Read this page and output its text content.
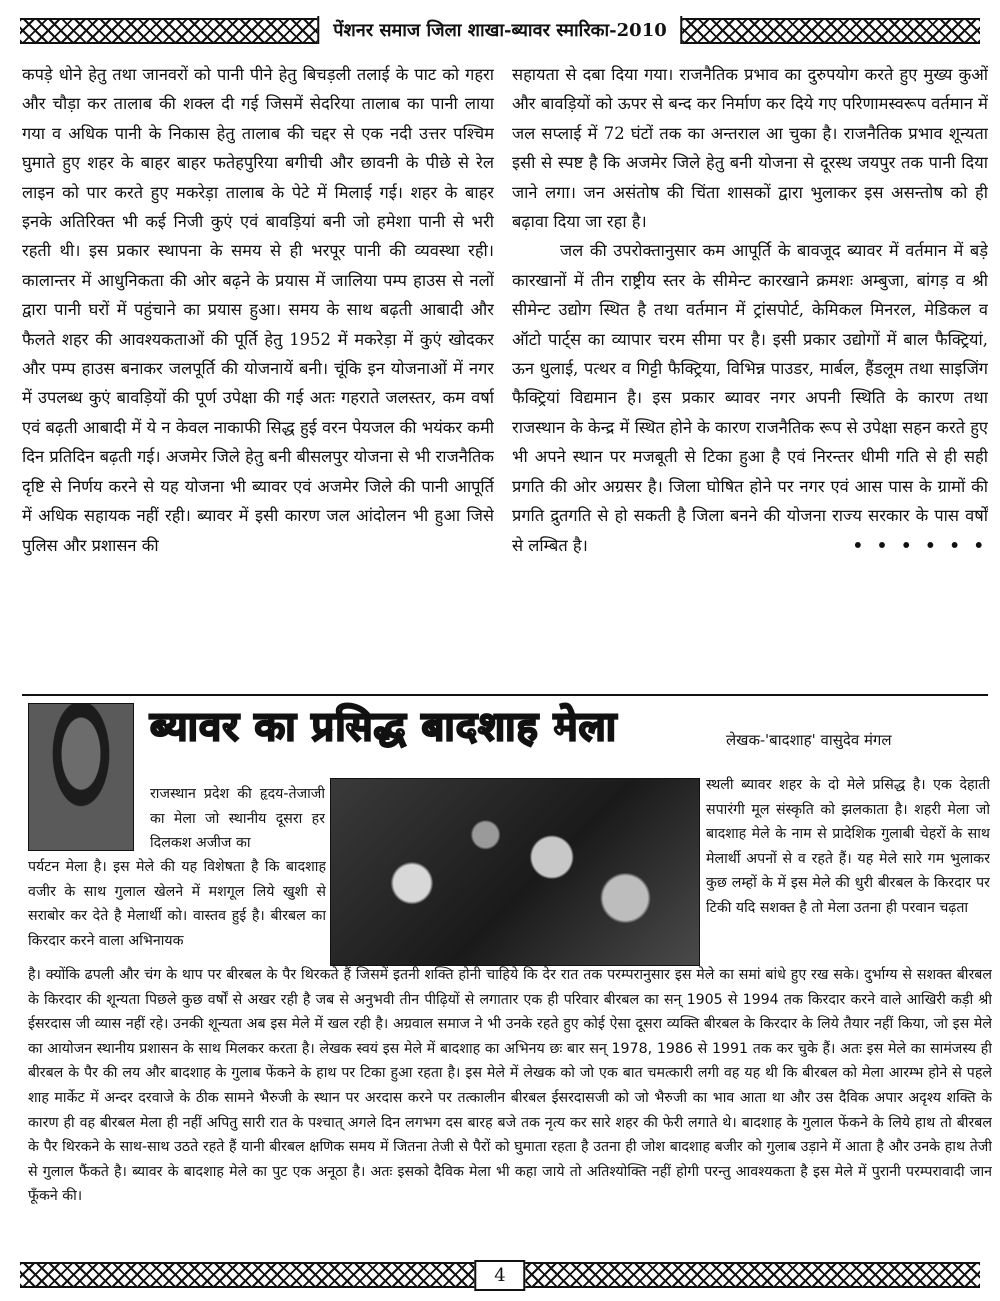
पेंशनर समाज जिला शाखा-ब्यावर स्मारिका-2010

कपड़े धोने हेतु तथा जानवरों को पानी पीने हेतु बिचड़ली तलाई के पाट को गहरा और चौड़ा कर तालाब की शक्ल दी गई जिसमें सेदरिया तालाब का पानी लाया गया व अधिक पानी के निकास हेतु तालाब की चद्दर से एक नदी उत्तर पश्चिम घुमाते हुए शहर के बाहर बाहर फतेहपुरिया बगीची और छावनी के पीछे से रेल लाइन को पार करते हुए मकरेड़ा तालाब के पेटे में मिलाई गई। शहर के बाहर इनके अतिरिक्त भी कई निजी कुएं एवं बावड़ियां बनी जो हमेशा पानी से भरी रहती थी। इस प्रकार स्थापना के समय से ही भरपूर पानी की व्यवस्था रही। कालान्तर में आधुनिकता की ओर बढ़ने के प्रयास में जालिया पम्प हाउस से नलों द्वारा पानी घरों में पहुंचाने का प्रयास हुआ। समय के साथ बढ़ती आबादी और फैलते शहर की आवश्यकताओं की पूर्ति हेतु 1952 में मकरेड़ा में कुएं खोदकर और पम्प हाउस बनाकर जलपूर्ति की योजनायें बनी। चूंकि इन योजनाओं में नगर में उपलब्ध कुएं बावड़ियों की पूर्ण उपेक्षा की गई अतः गहराते जलस्तर, कम वर्षा एवं बढ़ती आबादी में ये न केवल नाकाफी सिद्ध हुई वरन पेयजल की भयंकर कमी दिन प्रतिदिन बढ़ती गई। अजमेर जिले हेतु बनी बीसलपुर योजना से भी राजनैतिक दृष्टि से निर्णय करने से यह योजना भी ब्यावर एवं अजमेर जिले की पानी आपूर्ति में अधिक सहायक नहीं रही। ब्यावर में इसी कारण जल आंदोलन भी हुआ जिसे पुलिस और प्रशासन की

सहायता से दबा दिया गया। राजनैतिक प्रभाव का दुरुपयोग करते हुए मुख्य कुओं और बावड़ियों को ऊपर से बन्द कर निर्माण कर दिये गए परिणामस्वरूप वर्तमान में जल सप्लाई में 72 घंटों तक का अन्तराल आ चुका है। राजनैतिक प्रभाव शून्यता इसी से स्पष्ट है कि अजमेर जिले हेतु बनी योजना से दूरस्थ जयपुर तक पानी दिया जाने लगा। जन असंतोष की चिंता शासकों द्वारा भुलाकर इस असन्तोष को ही बढ़ावा दिया जा रहा है।

जल की उपरोक्तानुसार कम आपूर्ति के बावजूद ब्यावर में वर्तमान में बड़े कारखानों में तीन राष्ट्रीय स्तर के सीमेन्ट कारखाने क्रमशः अम्बुजा, बांगड़ व श्री सीमेन्ट उद्योग स्थित है तथा वर्तमान में ट्रांसपोर्ट, केमिकल मिनरल, मेडिकल व ऑटो पार्ट्स का व्यापार चरम सीमा पर है। इसी प्रकार उद्योगों में बाल फैक्ट्रियां, ऊन धुलाई, पत्थर व गिट्टी फैक्ट्रिया, विभिन्न पाउडर, मार्बल, हैंडलूम तथा साइजिंग फैक्ट्रियां विद्यमान है। इस प्रकार ब्यावर नगर अपनी स्थिति के कारण तथा राजस्थान के केन्द्र में स्थित होने के कारण राजनैतिक रूप से उपेक्षा सहन करते हुए भी अपने स्थान पर मजबूती से टिका हुआ है एवं निरन्तर धीमी गति से ही सही प्रगति की ओर अग्रसर है। जिला घोषित होने पर नगर एवं आस पास के ग्रामों की प्रगति द्रुतगति से हो सकती है जिला बनने की योजना राज्य सरकार के पास वर्षों से लम्बित है।	• • • • • •

ब्यावर का प्रसिद्ध बादशाह मेला	लेखक-'बादशाह' वासुदेव मंगल
राजस्थान प्रदेश की हृदय-तेजाजी का मेला जो स्थानीय दूसरा हर दिलकश अजीज का
पर्यटन मेला है। इस मेले की यह विशेषता है कि बादशाह वजीर के साथ गुलाल खेलने में मशगूल लिये खुशी से सराबोर कर देते है मेलार्थी को। वास्तव हुई है। बीरबल का किरदार करने वाला अभिनायक
स्थली ब्यावर शहर के दो मेले प्रसिद्ध है। एक देहाती सपारंगी मूल संस्कृति को झलकाता है। शहरी मेला जो बादशाह मेले के नाम से प्रादेशिक गुलाबी चेहरों के साथ मेलार्थी अपनों से व रहते हैं। यह मेले सारे गम भुलाकर कुछ लम्हों के में इस मेले की धुरी बीरबल के किरदार पर टिकी यदि सशक्त है तो मेला उतना ही परवान चढ़ता
है। क्योंकि ढपली और चंग के थाप पर बीरबल के पैर थिरकते हैं जिसमें इतनी शक्ति होनी चाहिये कि देर रात तक परम्परानुसार इस मेले का समां बांधे हुए रख सके। दुर्भाग्य से सशक्त बीरबल के किरदार की शून्यता पिछले कुछ वर्षों से अखर रही है जब से अनुभवी तीन पीढ़ियों से लगातार एक ही परिवार बीरबल का सन् 1905 से 1994 तक किरदार करने वाले आखिरी कड़ी श्री ईसरदास जी व्यास नहीं रहे। उनकी शून्यता अब इस मेले में खल रही है। अग्रवाल समाज ने भी उनके रहते हुए कोई ऐसा दूसरा व्यक्ति बीरबल के किरदार के लिये तैयार नहीं किया, जो इस मेले का आयोजन स्थानीय प्रशासन के साथ मिलकर करता है। लेखक स्वयं इस मेले में बादशाह का अभिनय छः बार सन् 1978, 1986 से 1991 तक कर चुके हैं। अतः इस मेले का सामंजस्य ही बीरबल के पैर की लय और बादशाह के गुलाब फेंकने के हाथ पर टिका हुआ रहता है। इस मेले में लेखक को जो एक बात चमत्कारी लगी वह यह थी कि बीरबल को मेला आरम्भ होने से पहले शाह मार्केट में अन्दर दरवाजे के ठीक सामने भैरुजी के स्थान पर अरदास करने पर तत्कालीन बीरबल ईसरदासजी को जो भैरुजी का भाव आता था और उस दैविक अपार अदृश्य शक्ति के कारण ही वह बीरबल मेला ही नहीं अपितु सारी रात के पश्चात् अगले दिन लगभग दस बारह बजे तक नृत्य कर सारे शहर की फेरी लगाते थे। बादशाह के गुलाल फेंकने के लिये हाथ तो बीरबल के पैर थिरकने के साथ-साथ उठते रहते हैं यानी बीरबल क्षणिक समय में जितना तेजी से पैरों को घुमाता रहता है उतना ही जोश बादशाह बजीर को गुलाब उड़ाने में आता है और उनके हाथ तेजी से गुलाल फैंकते है। ब्यावर के बादशाह मेले का पुट एक अनूठा है। अतः इसको दैविक मेला भी कहा जाये तो अतिश्योक्ति नहीं होगी परन्तु आवश्यकता है इस मेले में पुरानी परम्परावादी जान फूँकने की।
4
